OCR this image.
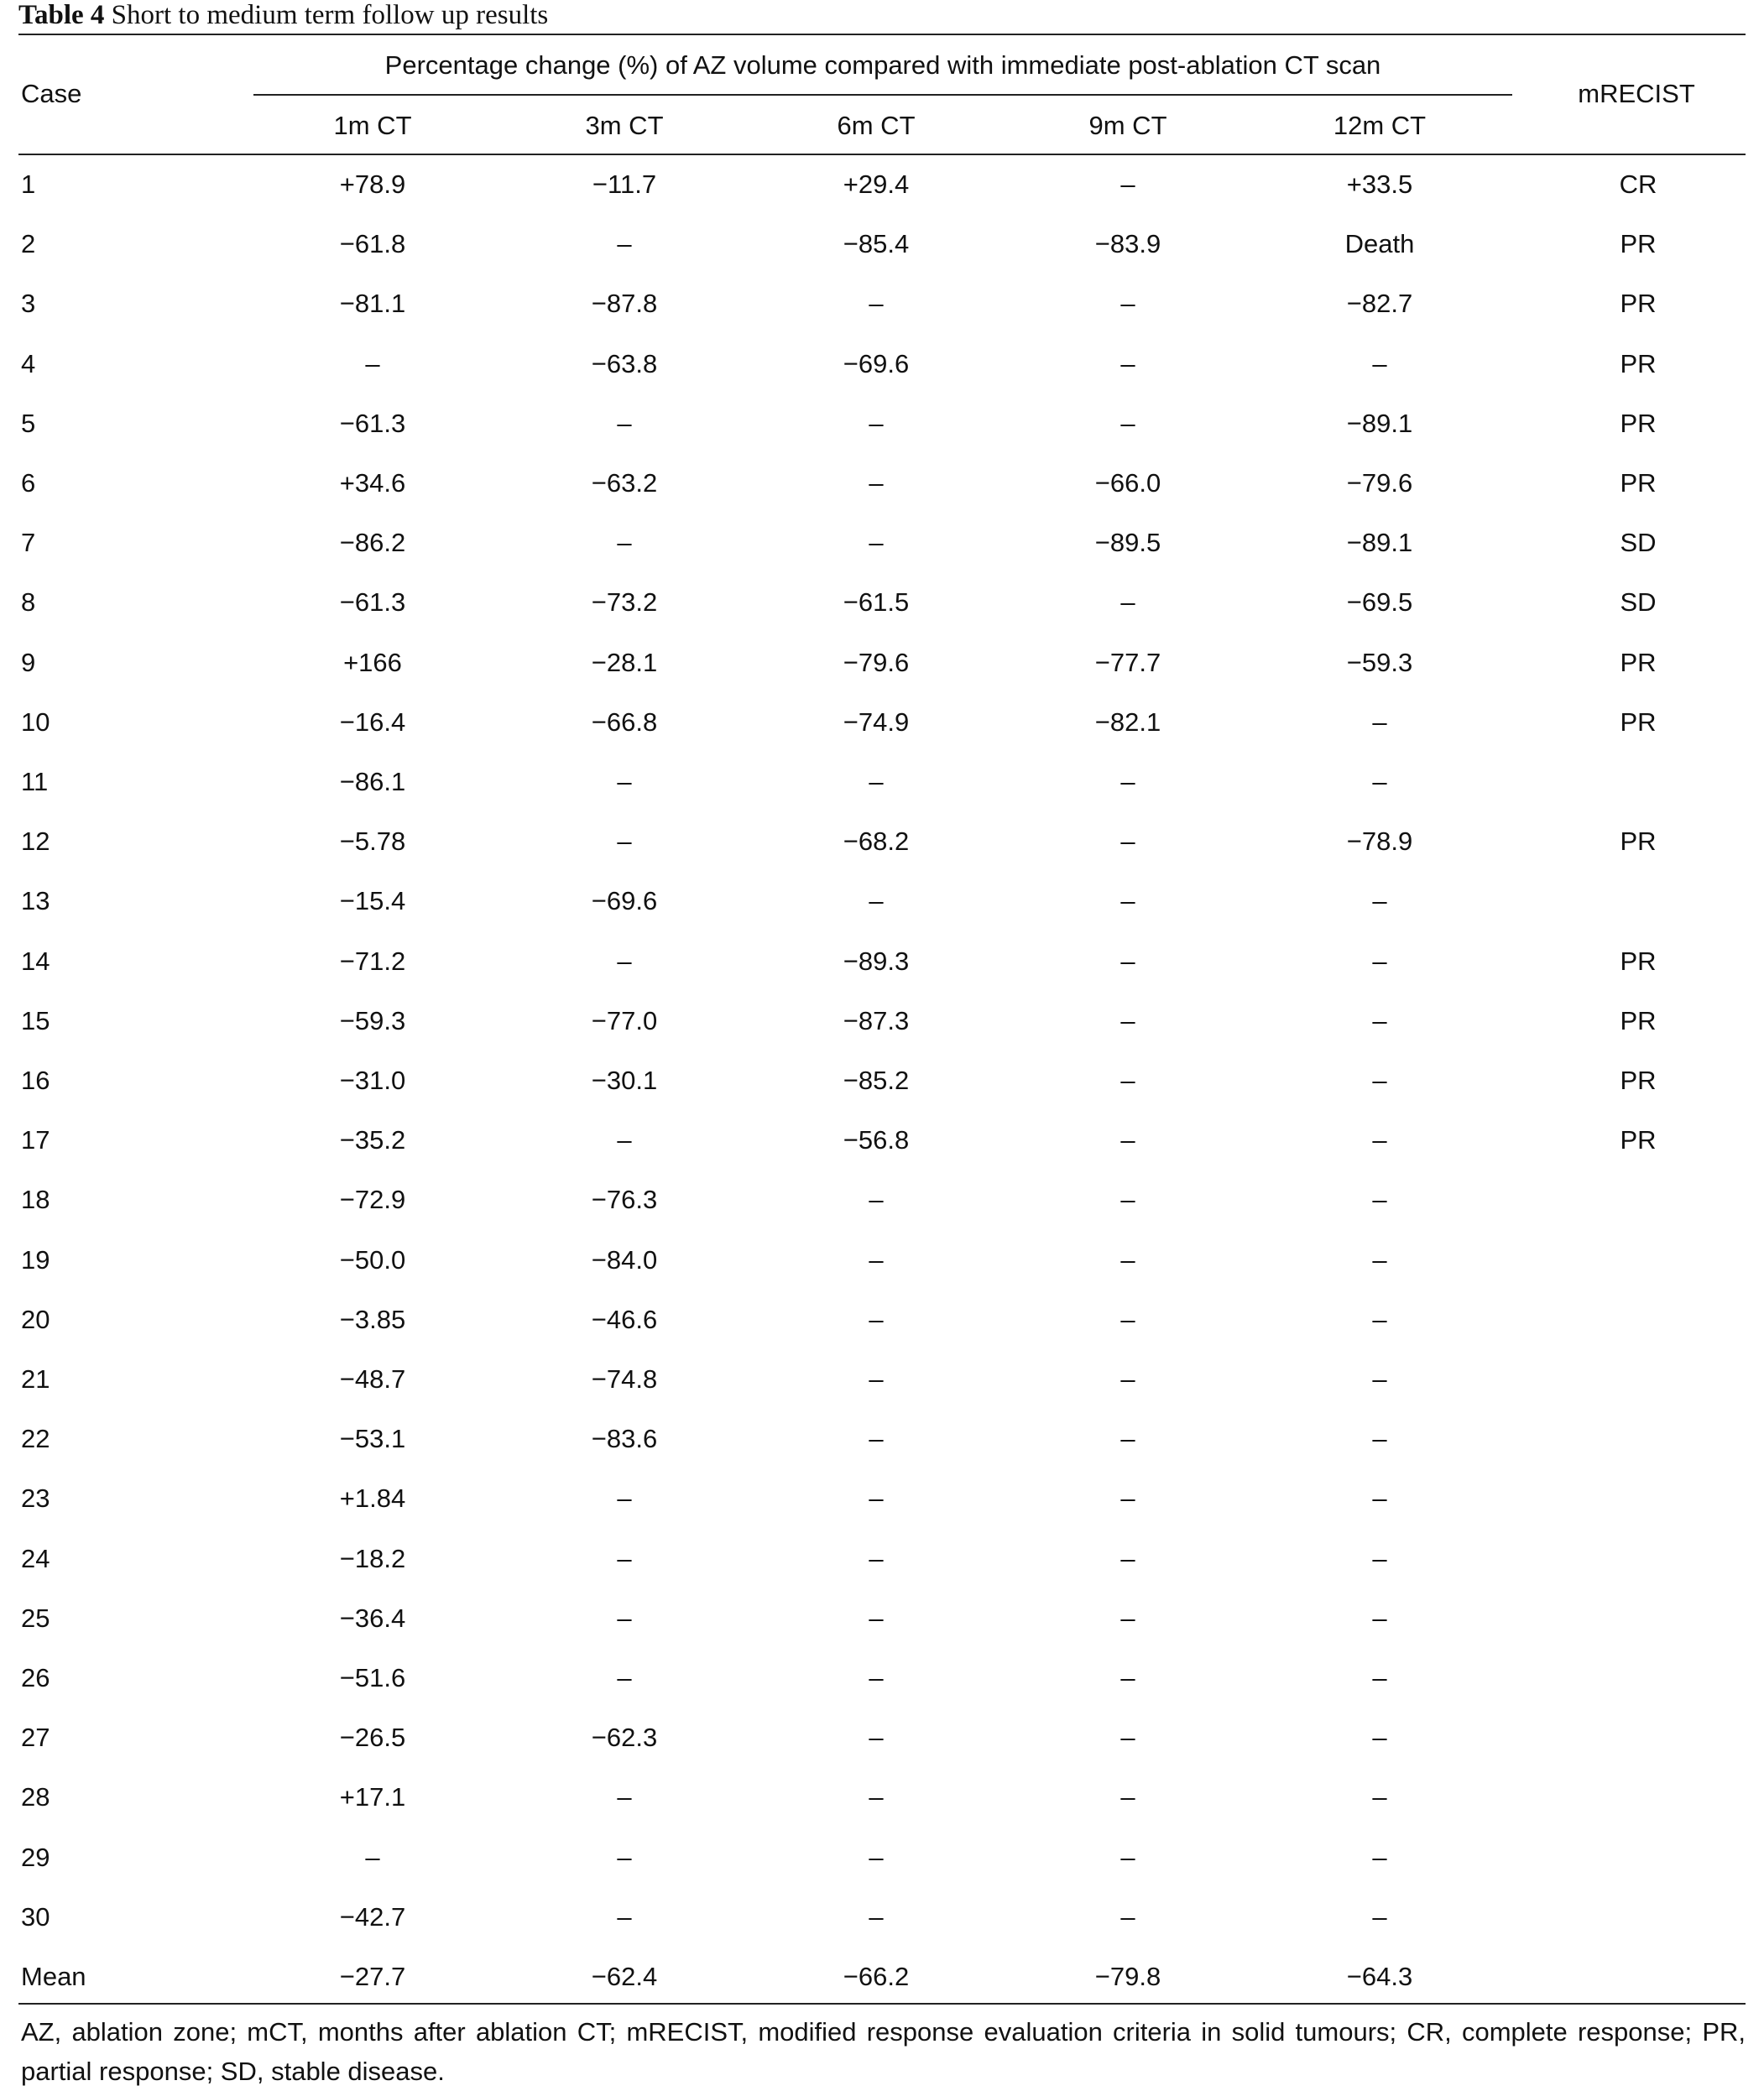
Table 4 Short to medium term follow up results
Case
Percentage change (%) of AZ volume compared with immediate post-ablation CT scan
mRECIST
1m CT	3m CT	6m CT	9m CT	12m CT
1	+78.9	−11.7	+29.4	–	+33.5	CR
2	−61.8	–	−85.4	−83.9	Death	PR
3	−81.1	−87.8	–	–	−82.7	PR
4	–	−63.8	−69.6	–	–	PR
5	−61.3	–	–	–	−89.1	PR
6	+34.6	−63.2	–	−66.0	−79.6	PR
7	−86.2	–	–	−89.5	−89.1	SD
8	−61.3	−73.2	−61.5	–	−69.5	SD
9	+166	−28.1	−79.6	−77.7	−59.3	PR
10	−16.4	−66.8	−74.9	−82.1	–	PR
11	−86.1	–	–	–	–
12	−5.78	–	−68.2	–	−78.9	PR
13	−15.4	−69.6	–	–	–
14	−71.2	–	−89.3	–	–	PR
15	−59.3	−77.0	−87.3	–	–	PR
16	−31.0	−30.1	−85.2	–	–	PR
17	−35.2	–	−56.8	–	–	PR
18	−72.9	−76.3	–	–	–
19	−50.0	−84.0	–	–	–
20	−3.85	−46.6	–	–	–
21	−48.7	−74.8	–	–	–
22	−53.1	−83.6	–	–	–
23	+1.84	–	–	–	–
24	−18.2	–	–	–	–
25	−36.4	–	–	–	–
26	−51.6	–	–	–	–
27	−26.5	−62.3	–	–	–
28	+17.1	–	–	–	–
29	–	–	–	–	–
30	−42.7	–	–	–	–
Mean	−27.7	−62.4	−66.2	−79.8	−64.3
AZ, ablation zone; mCT, months after ablation CT; mRECIST, modified response evaluation criteria in solid tumours; CR, complete response; PR, partial response; SD, stable disease.
